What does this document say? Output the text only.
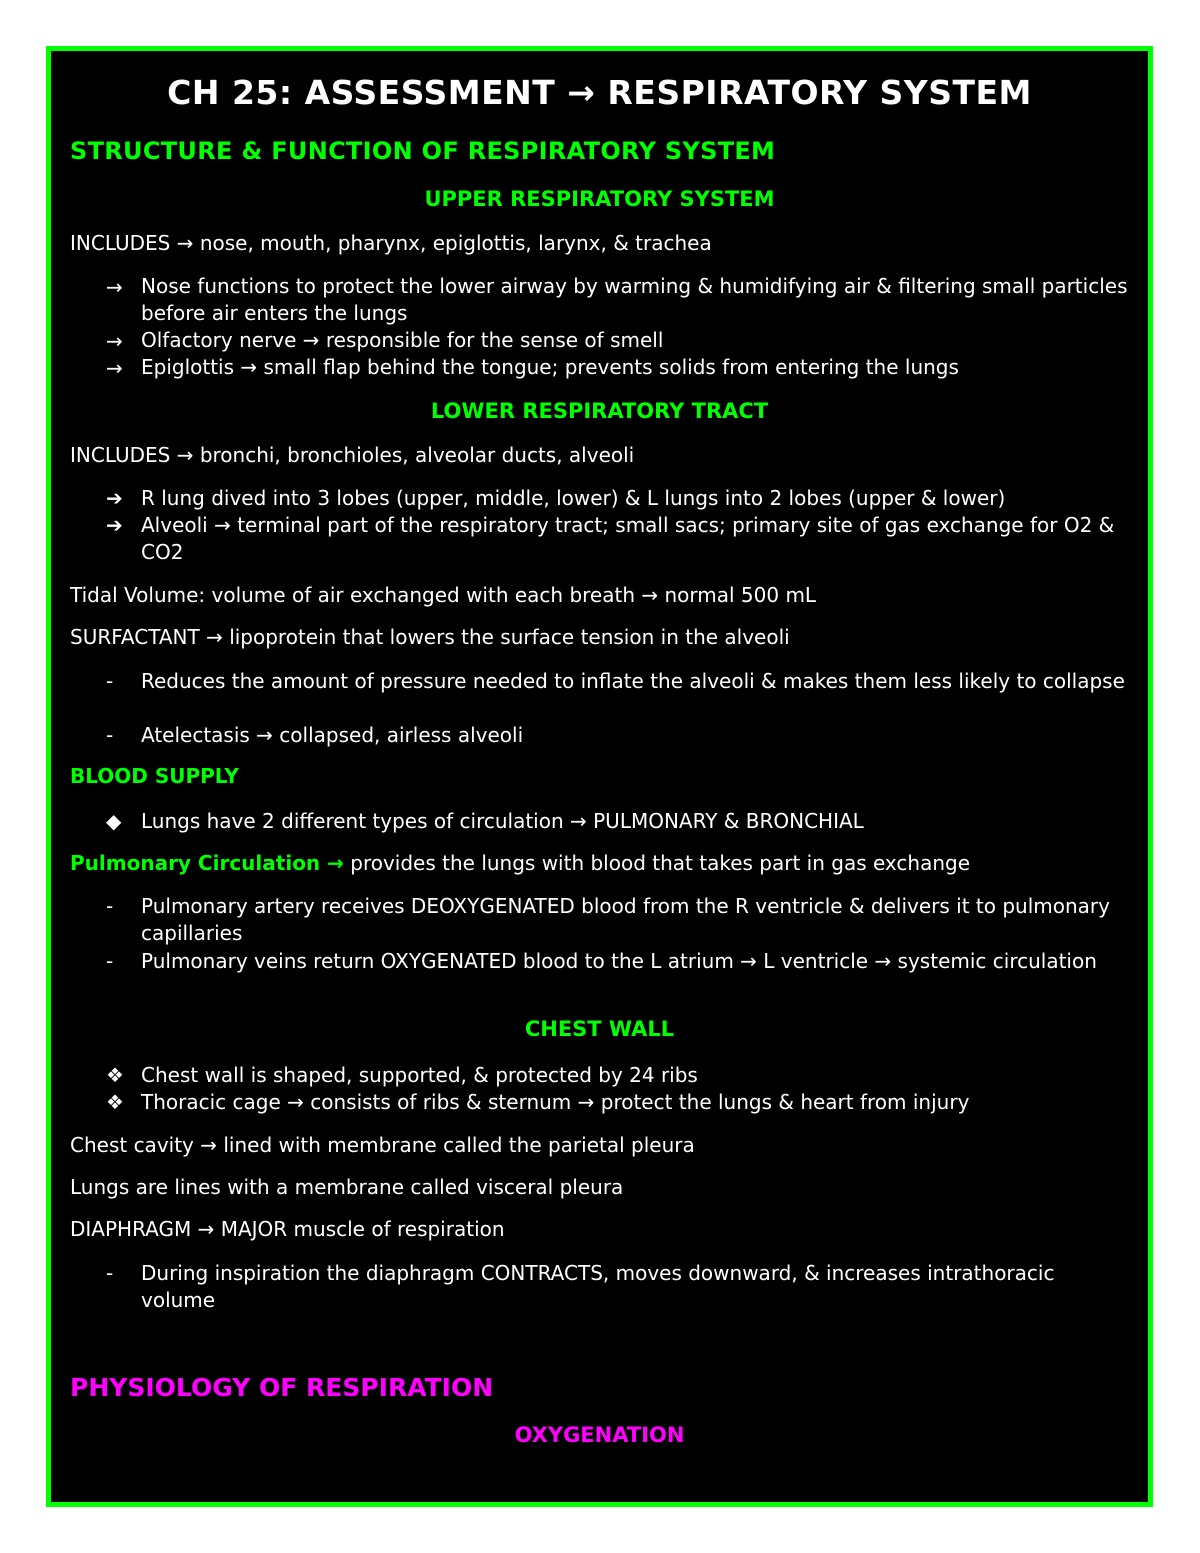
CH 25: ASSESSMENT → RESPIRATORY SYSTEM
STRUCTURE & FUNCTION OF RESPIRATORY SYSTEM
UPPER RESPIRATORY SYSTEM
INCLUDES → nose, mouth, pharynx, epiglottis, larynx, & trachea
→ Nose functions to protect the lower airway by warming & humidifying air & filtering small particles before air enters the lungs
→ Olfactory nerve → responsible for the sense of smell
→ Epiglottis → small flap behind the tongue; prevents solids from entering the lungs
LOWER RESPIRATORY TRACT
INCLUDES → bronchi, bronchioles, alveolar ducts, alveoli
➔ R lung dived into 3 lobes (upper, middle, lower) & L lungs into 2 lobes (upper & lower)
➔ Alveoli → terminal part of the respiratory tract; small sacs; primary site of gas exchange for O2 & CO2
Tidal Volume: volume of air exchanged with each breath → normal 500 mL
SURFACTANT → lipoprotein that lowers the surface tension in the alveoli
-	Reduces the amount of pressure needed to inflate the alveoli & makes them less likely to collapse
-	Atelectasis → collapsed, airless alveoli
BLOOD SUPPLY
◆ Lungs have 2 different types of circulation → PULMONARY & BRONCHIAL
Pulmonary Circulation → provides the lungs with blood that takes part in gas exchange
-	Pulmonary artery receives DEOXYGENATED blood from the R ventricle & delivers it to pulmonary capillaries
-	Pulmonary veins return OXYGENATED blood to the L atrium → L ventricle → systemic circulation
CHEST WALL
❖ Chest wall is shaped, supported, & protected by 24 ribs
❖ Thoracic cage → consists of ribs & sternum → protect the lungs & heart from injury
Chest cavity → lined with membrane called the parietal pleura
Lungs are lines with a membrane called visceral pleura
DIAPHRAGM → MAJOR muscle of respiration
-	During inspiration the diaphragm CONTRACTS, moves downward, & increases intrathoracic volume
PHYSIOLOGY OF RESPIRATION
OXYGENATION
